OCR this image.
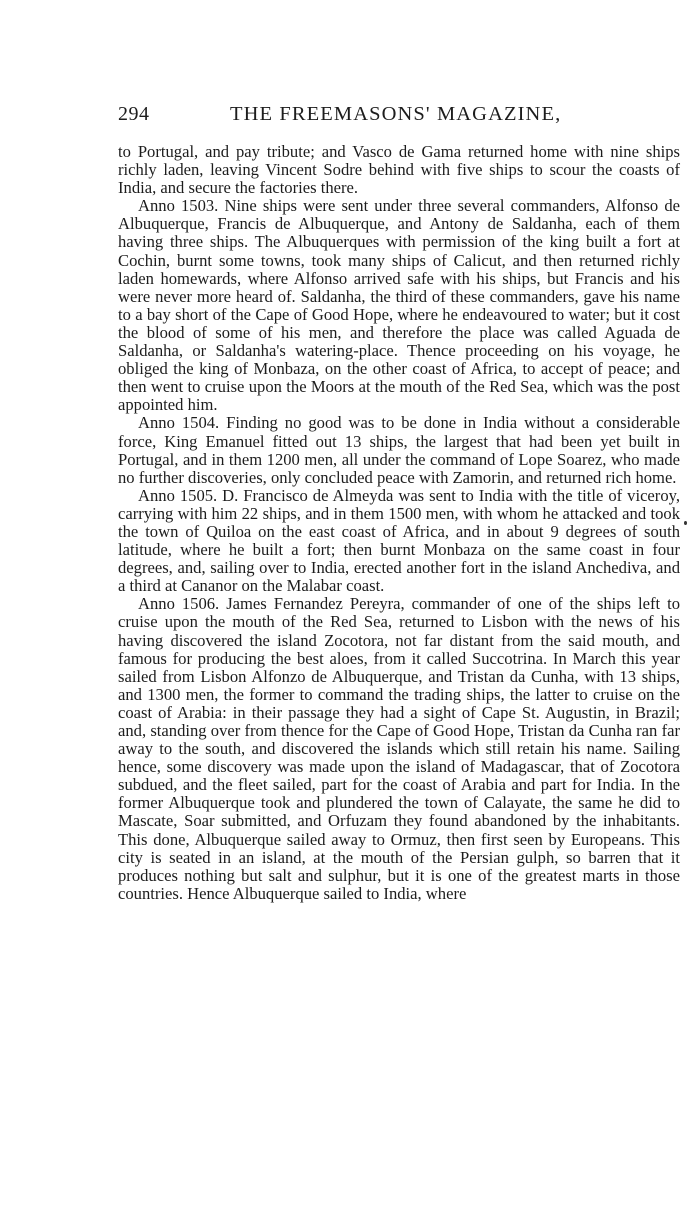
294	THE FREEMASONS' MAGAZINE,

to Portugal, and pay tribute; and Vasco de Gama returned home with nine ships richly laden, leaving Vincent Sodre behind with five ships to scour the coasts of India, and secure the factories there.

Anno 1503. Nine ships were sent under three several commanders, Alfonso de Albuquerque, Francis de Albuquerque, and Antony de Saldanha, each of them having three ships. The Albuquerques with permission of the king built a fort at Cochin, burnt some towns, took many ships of Calicut, and then returned richly laden homewards, where Alfonso arrived safe with his ships, but Francis and his were never more heard of. Saldanha, the third of these commanders, gave his name to a bay short of the Cape of Good Hope, where he endeavoured to water; but it cost the blood of some of his men, and therefore the place was called Aguada de Saldanha, or Saldanha's watering-place. Thence proceeding on his voyage, he obliged the king of Monbaza, on the other coast of Africa, to accept of peace; and then went to cruise upon the Moors at the mouth of the Red Sea, which was the post appointed him.

Anno 1504. Finding no good was to be done in India without a considerable force, King Emanuel fitted out 13 ships, the largest that had been yet built in Portugal, and in them 1200 men, all under the command of Lope Soarez, who made no further discoveries, only concluded peace with Zamorin, and returned rich home.

Anno 1505. D. Francisco de Almeyda was sent to India with the title of viceroy, carrying with him 22 ships, and in them 1500 men, with whom he attacked and took the town of Quiloa on the east coast of Africa, and in about 9 degrees of south latitude, where he built a fort; then burnt Monbaza on the same coast in four degrees, and, sailing over to India, erected another fort in the island Anchediva, and a third at Cananor on the Malabar coast.

Anno 1506. James Fernandez Pereyra, commander of one of the ships left to cruise upon the mouth of the Red Sea, returned to Lisbon with the news of his having discovered the island Zocotora, not far distant from the said mouth, and famous for producing the best aloes, from it called Succotrina. In March this year sailed from Lisbon Alfonzo de Albuquerque, and Tristan da Cunha, with 13 ships, and 1300 men, the former to command the trading ships, the latter to cruise on the coast of Arabia: in their passage they had a sight of Cape St. Augustin, in Brazil; and, standing over from thence for the Cape of Good Hope, Tristan da Cunha ran far away to the south, and discovered the islands which still retain his name. Sailing hence, some discovery was made upon the island of Madagascar, that of Zocotora subdued, and the fleet sailed, part for the coast of Arabia and part for India. In the former Albuquerque took and plundered the town of Calayate, the same he did to Mascate, Soar submitted, and Orfuzam they found abandoned by the inhabitants. This done, Albuquerque sailed away to Ormuz, then first seen by Europeans. This city is seated in an island, at the mouth of the Persian gulph, so barren that it produces nothing but salt and sulphur, but it is one of the greatest marts in those countries. Hence Albuquerque sailed to India, where
